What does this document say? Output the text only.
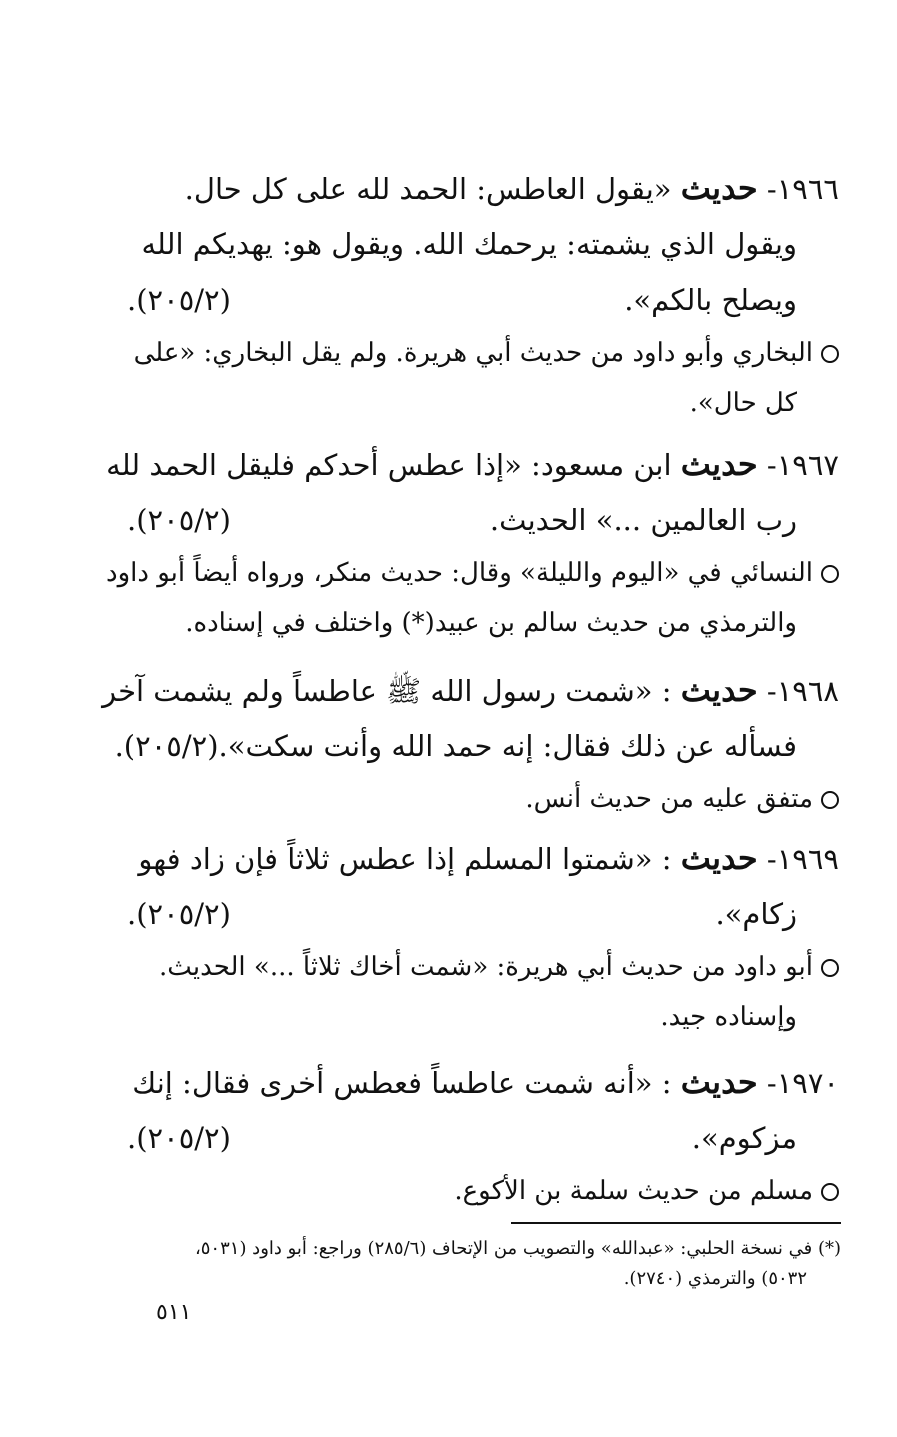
١٩٦٦- حديث «يقول العاطس: الحمد لله على كل حال.
ويقول الذي يشمته: يرحمك الله. ويقول هو: يهديكم الله
ويصلح بالكم».
(٢٠٥/٢).
البخاري وأبو داود من حديث أبي هريرة. ولم يقل البخاري: «على
كل حال».
١٩٦٧- حديث ابن مسعود: «إذا عطس أحدكم فليقل الحمد لله
رب العالمين ...» الحديث.
(٢٠٥/٢).
النسائي في «اليوم والليلة» وقال: حديث منكر، ورواه أيضاً أبو داود
والترمذي من حديث سالم بن عبيد(*) واختلف في إسناده.
١٩٦٨- حديث : «شمت رسول الله ﷺ عاطساً ولم يشمت آخر
فسأله عن ذلك فقال: إنه حمد الله وأنت سكت».(٢٠٥/٢).
متفق عليه من حديث أنس.
١٩٦٩- حديث : «شمتوا المسلم إذا عطس ثلاثاً فإن زاد فهو
زكام».
(٢٠٥/٢).
أبو داود من حديث أبي هريرة: «شمت أخاك ثلاثاً ...» الحديث.
وإسناده جيد.
١٩٧٠- حديث : «أنه شمت عاطساً فعطس أخرى فقال: إنك
مزكوم».
(٢٠٥/٢).
مسلم من حديث سلمة بن الأكوع.
(*) في نسخة الحلبي: «عبدالله» والتصويب من الإتحاف (٢٨٥/٦) وراجع: أبو داود (٥٠٣١،
٥٠٣٢) والترمذي (٢٧٤٠).
٥١١
